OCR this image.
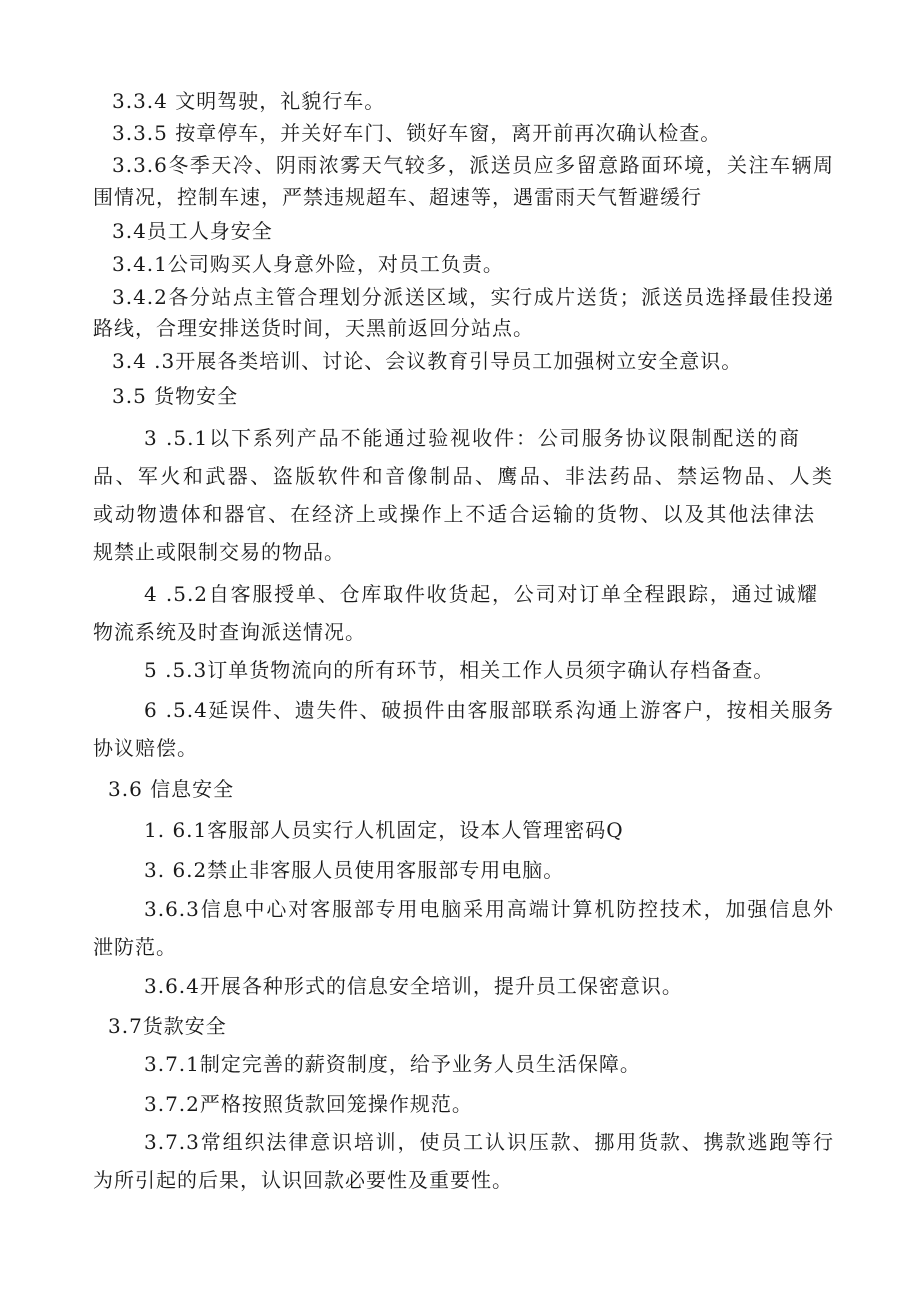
3.3.4 文明驾驶，礼貌行车。

3.3.5 按章停车，并关好车门、锁好车窗，离开前再次确认检查。

3.3.6冬季天冷、阴雨浓雾天气较多，派送员应多留意路面环境，关注车辆周

围情况，控制车速，严禁违规超车、超速等，遇雷雨天气暂避缓行

3.4员工人身安全

3.4.1公司购买人身意外险，对员工负责。

3.4.2各分站点主管合理划分派送区域，实行成片送货；派送员选择最佳投递

路线，合理安排送货时间，天黑前返回分站点。

3.4 .3开展各类培训、讨论、会议教育引导员工加强树立安全意识。

3.5 货物安全

3 .5.1以下系列产品不能通过验视收件：公司服务协议限制配送的商

品、军火和武器、盗版软件和音像制品、鹰品、非法药品、禁运物品、人类

或动物遗体和器官、在经济上或操作上不适合运输的货物、以及其他法律法

规禁止或限制交易的物品。

4 .5.2自客服授单、仓库取件收货起，公司对订单全程跟踪，通过诚耀

物流系统及时查询派送情况。

5 .5.3订单货物流向的所有环节，相关工作人员须字确认存档备查。

6 .5.4延误件、遗失件、破损件由客服部联系沟通上游客户，按相关服务

协议赔偿。

3.6 信息安全

1. 6.1客服部人员实行人机固定，设本人管理密码Q

3. 6.2禁止非客服人员使用客服部专用电脑。

3.6.3信息中心对客服部专用电脑采用高端计算机防控技术，加强信息外

泄防范。

3.6.4开展各种形式的信息安全培训，提升员工保密意识。

3.7货款安全

3.7.1制定完善的薪资制度，给予业务人员生活保障。

3.7.2严格按照货款回笼操作规范。

3.7.3常组织法律意识培训，使员工认识压款、挪用货款、携款逃跑等行

为所引起的后果，认识回款必要性及重要性。
